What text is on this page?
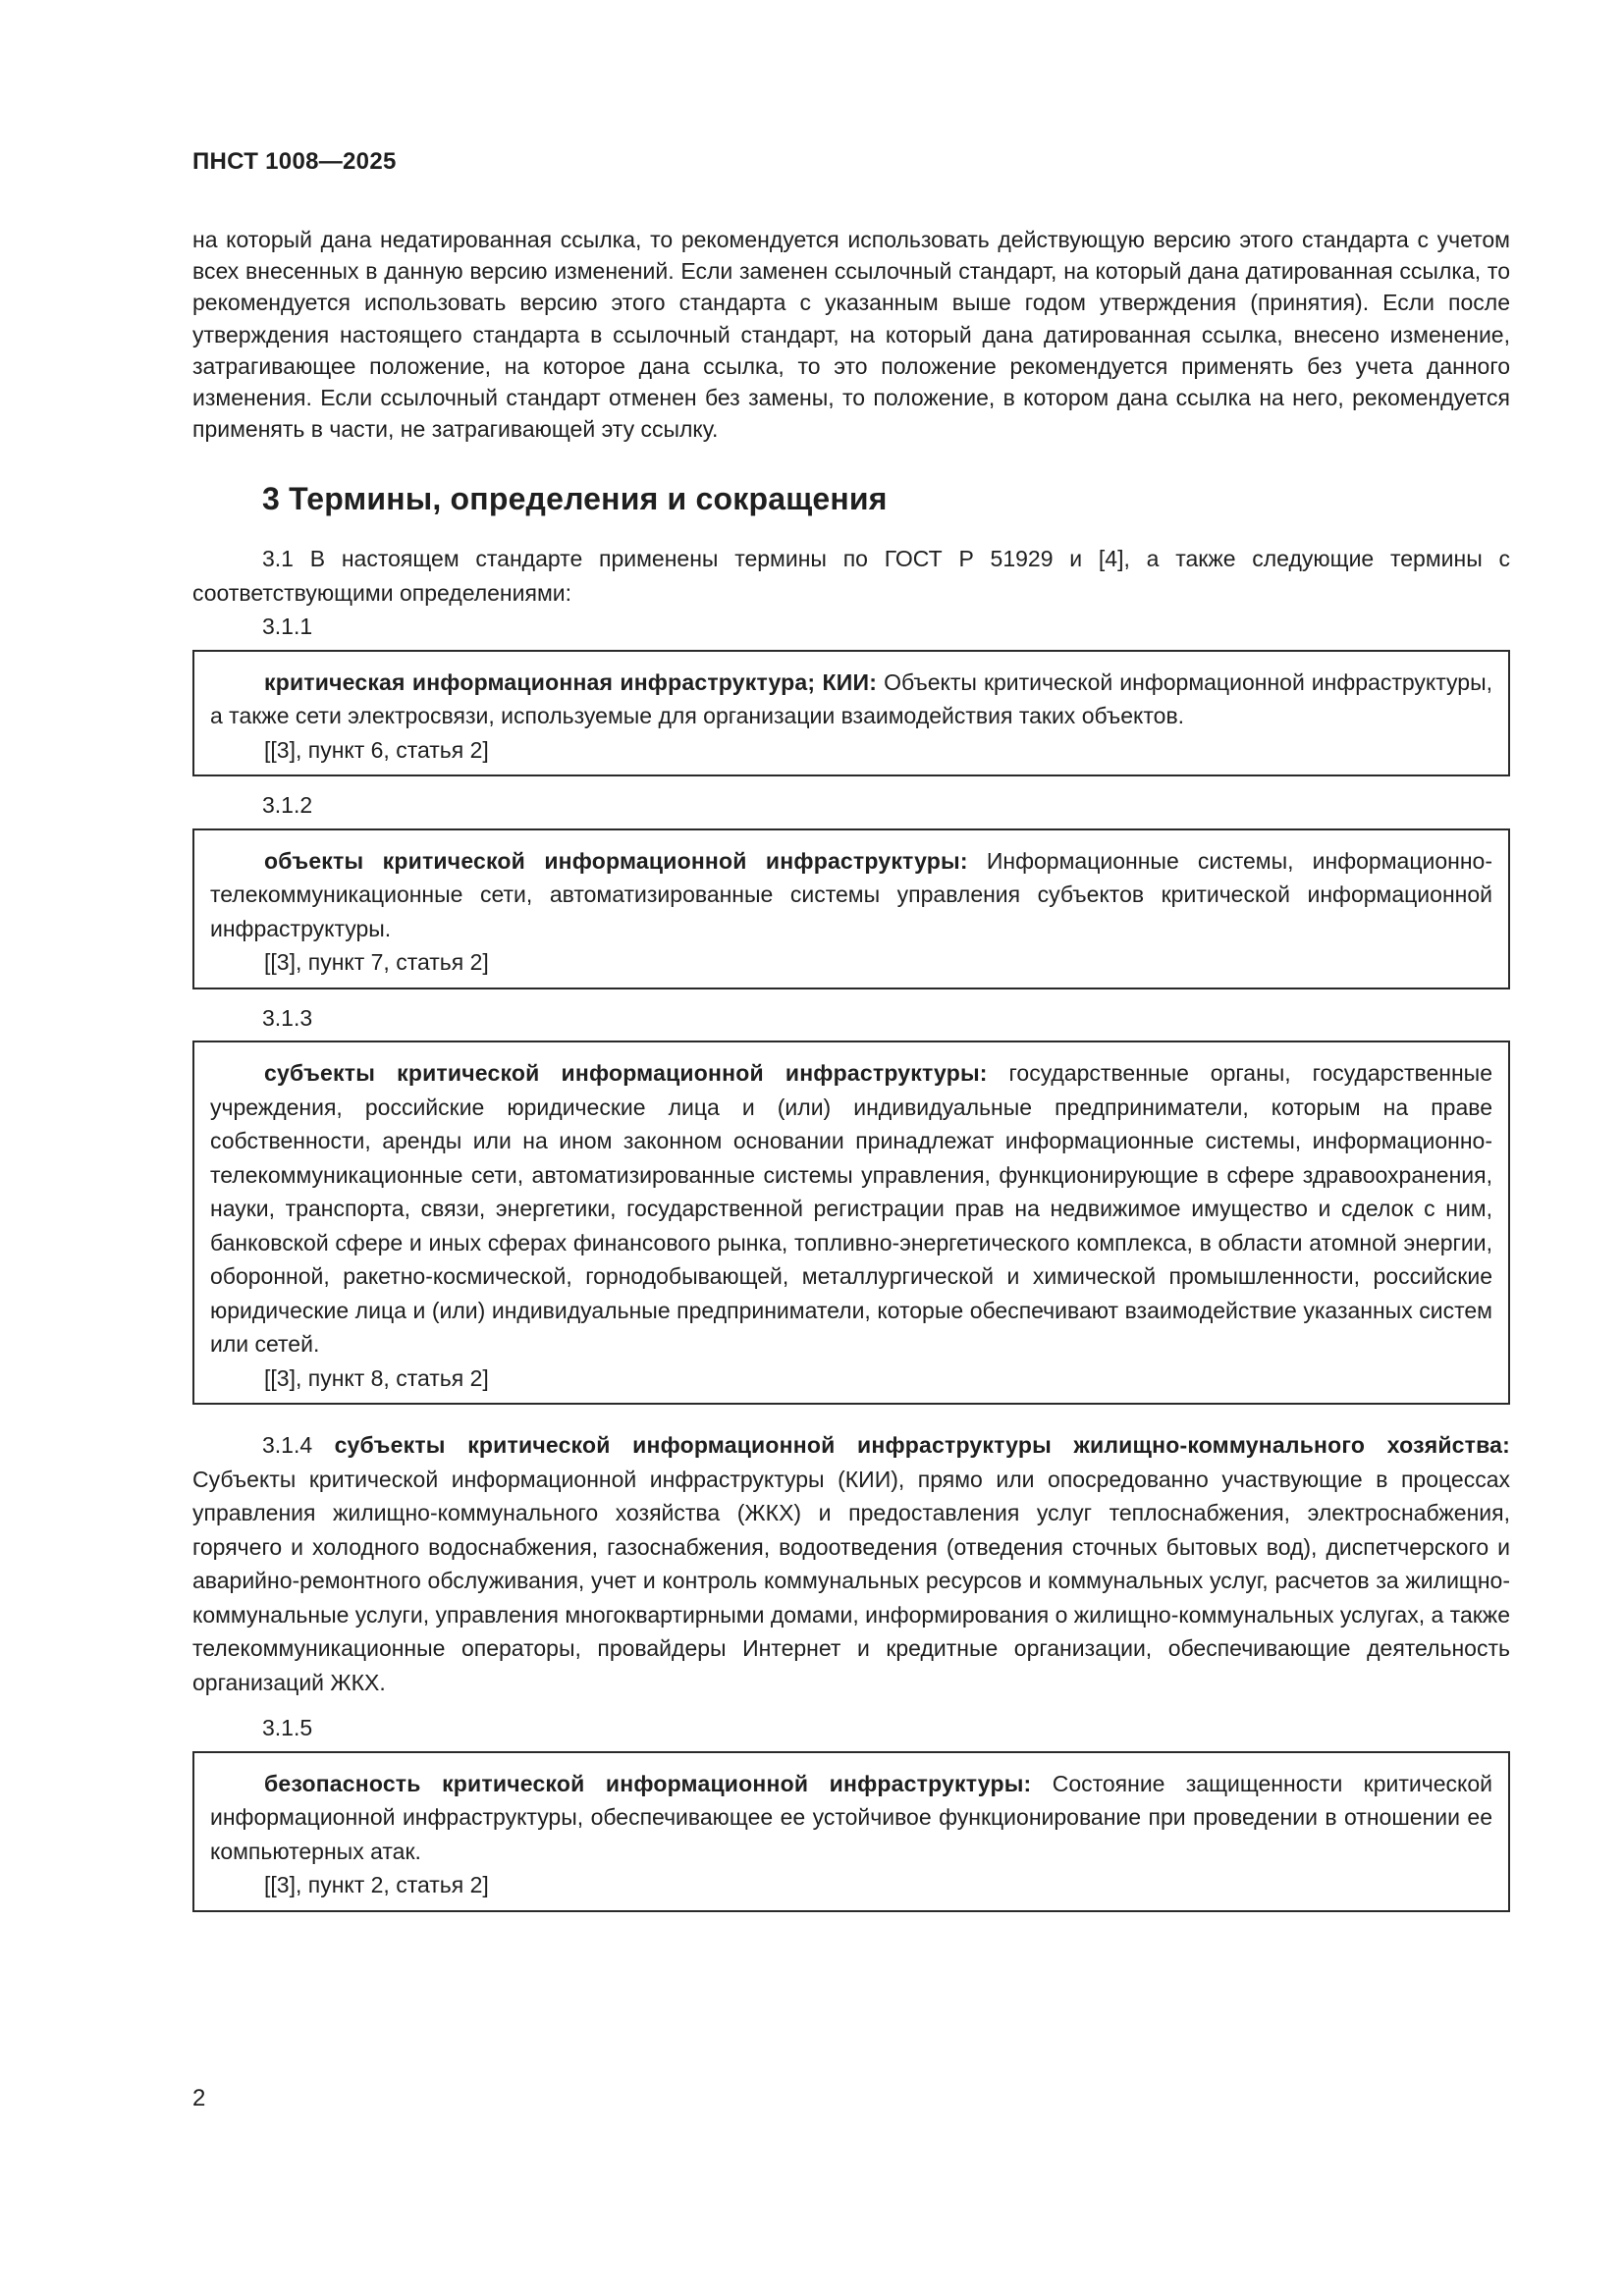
ПНСТ 1008—2025

на который дана недатированная ссылка, то рекомендуется использовать действующую версию этого стандарта с учетом всех внесенных в данную версию изменений. Если заменен ссылочный стандарт, на который дана датированная ссылка, то рекомендуется использовать версию этого стандарта с указанным выше годом утверждения (принятия). Если после утверждения настоящего стандарта в ссылочный стандарт, на который дана датированная ссылка, внесено изменение, затрагивающее положение, на которое дана ссылка, то это положение рекомендуется применять без учета данного изменения. Если ссылочный стандарт отменен без замены, то положение, в котором дана ссылка на него, рекомендуется применять в части, не затрагивающей эту ссылку.

3 Термины, определения и сокращения

3.1 В настоящем стандарте применены термины по ГОСТ Р 51929 и [4], а также следующие термины с соответствующими определениями:

3.1.1

критическая информационная инфраструктура; КИИ: Объекты критической информационной инфраструктуры, а также сети электросвязи, используемые для организации взаимодействия таких объектов.

[[3], пункт 6, статья 2]

3.1.2

объекты критической информационной инфраструктуры: Информационные системы, информационно-телекоммуникационные сети, автоматизированные системы управления субъектов критической информационной инфраструктуры.

[[3], пункт 7, статья 2]

3.1.3

субъекты критической информационной инфраструктуры: государственные органы, государственные учреждения, российские юридические лица и (или) индивидуальные предприниматели, которым на праве собственности, аренды или на ином законном основании принадлежат информационные системы, информационно-телекоммуникационные сети, автоматизированные системы управления, функционирующие в сфере здравоохранения, науки, транспорта, связи, энергетики, государственной регистрации прав на недвижимое имущество и сделок с ним, банковской сфере и иных сферах финансового рынка, топливно-энергетического комплекса, в области атомной энергии, оборонной, ракетно-космической, горнодобывающей, металлургической и химической промышленности, российские юридические лица и (или) индивидуальные предприниматели, которые обеспечивают взаимодействие указанных систем или сетей.

[[3], пункт 8, статья 2]

3.1.4 субъекты критической информационной инфраструктуры жилищно-коммунального хозяйства: Субъекты критической информационной инфраструктуры (КИИ), прямо или опосредованно участвующие в процессах управления жилищно-коммунального хозяйства (ЖКХ) и предоставления услуг теплоснабжения, электроснабжения, горячего и холодного водоснабжения, газоснабжения, водоотведения (отведения сточных бытовых вод), диспетчерского и аварийно-ремонтного обслуживания, учет и контроль коммунальных ресурсов и коммунальных услуг, расчетов за жилищно-коммунальные услуги, управления многоквартирными домами, информирования о жилищно-коммунальных услугах, а также телекоммуникационные операторы, провайдеры Интернет и кредитные организации, обеспечивающие деятельность организаций ЖКХ.

3.1.5

безопасность критической информационной инфраструктуры: Состояние защищенности критической информационной инфраструктуры, обеспечивающее ее устойчивое функционирование при проведении в отношении ее компьютерных атак.

[[3], пункт 2, статья 2]

2
